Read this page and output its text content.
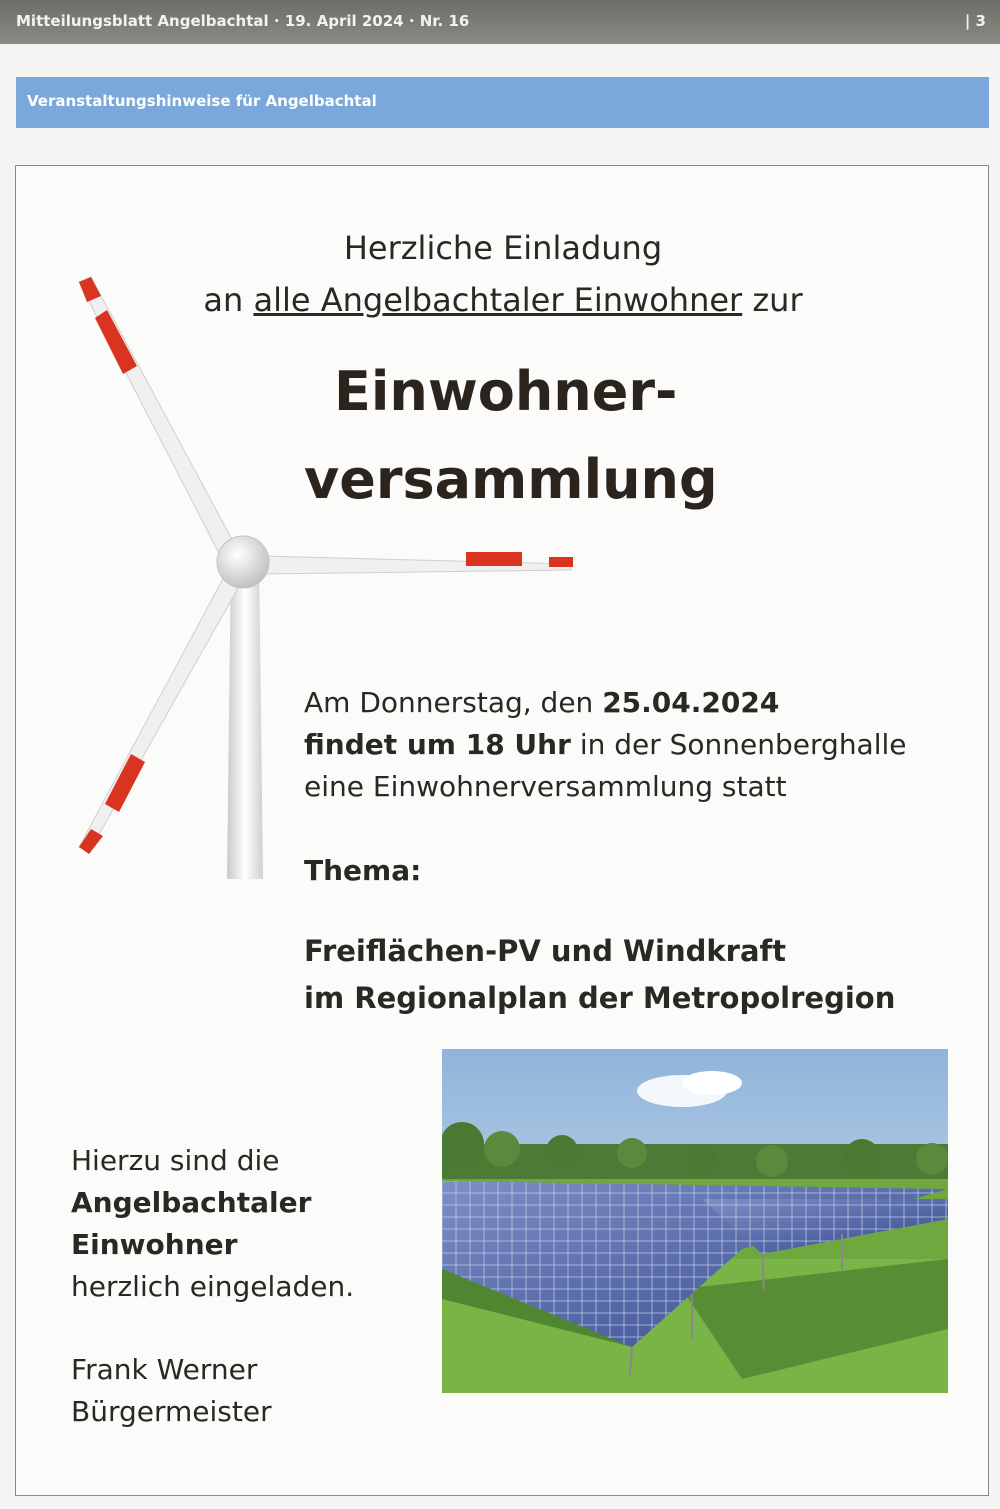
Mitteilungsblatt Angelbachtal · 19. April 2024 · Nr. 16	| 3
Veranstaltungshinweise für Angelbachtal
Herzliche Einladung
an alle Angelbachtaler Einwohner zur
Einwohner-
versammlung
Am Donnerstag, den 25.04.2024
findet um 18 Uhr in der Sonnenberghalle
eine Einwohnerversammlung statt
Thema:
Freiflächen-PV und Windkraft
im Regionalplan der Metropolregion
Hierzu sind die
Angelbachtaler
Einwohner
herzlich eingeladen.
Frank Werner
Bürgermeister
